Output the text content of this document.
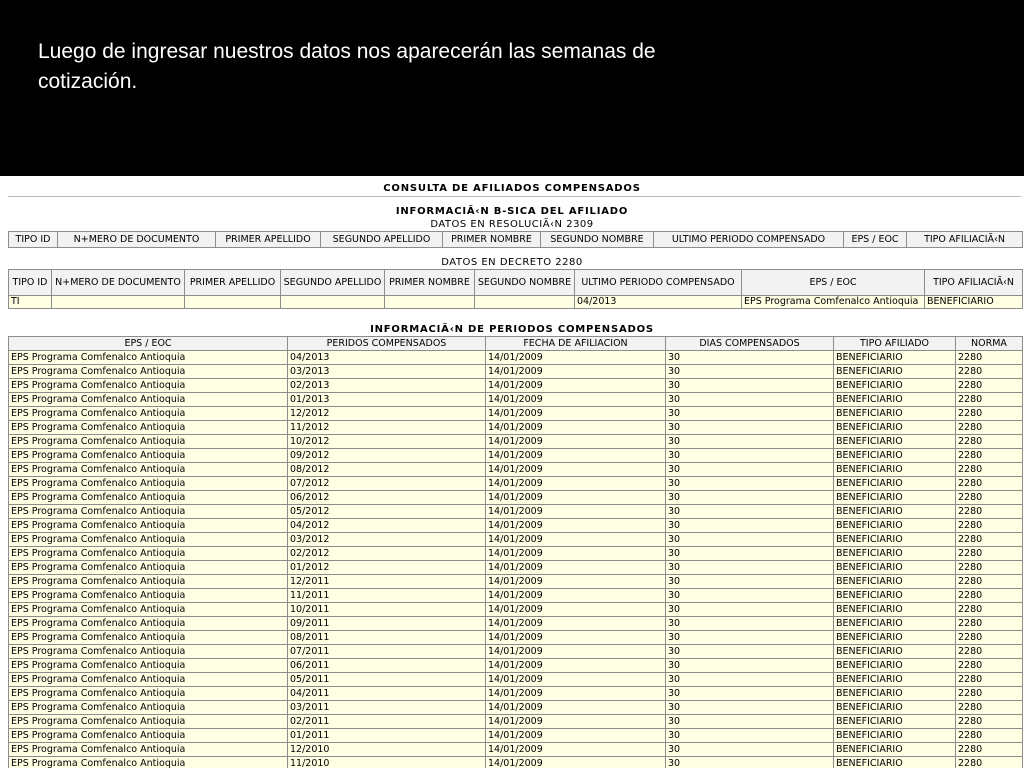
Luego de ingresar nuestros datos nos aparecerán las semanas de cotización.

CONSULTA DE AFILIADOS COMPENSADOS
INFORMACIÃ‹N B-SICA DEL AFILIADO
DATOS EN RESOLUCIÃ‹N 2309
TIPO ID	N+MERO DE DOCUMENTO	PRIMER APELLIDO	SEGUNDO APELLIDO	PRIMER NOMBRE	SEGUNDO NOMBRE	ULTIMO PERIODO COMPENSADO	EPS / EOC	TIPO AFILIACIÃ‹N
DATOS EN DECRETO 2280
TIPO ID	N+MERO DE DOCUMENTO	PRIMER APELLIDO	SEGUNDO APELLIDO	PRIMER NOMBRE	SEGUNDO NOMBRE	ULTIMO PERIODO COMPENSADO	EPS / EOC	TIPO AFILIACIÃ‹N
TI						04/2013	EPS Programa Comfenalco Antioquia	BENEFICIARIO
INFORMACIÃ‹N DE PERIODOS COMPENSADOS
EPS / EOC	PERIDOS COMPENSADOS	FECHA DE AFILIACION	DIAS COMPENSADOS	TIPO AFILIADO	NORMA
EPS Programa Comfenalco Antioquia	04/2013	14/01/2009	30	BENEFICIARIO	2280
EPS Programa Comfenalco Antioquia	03/2013	14/01/2009	30	BENEFICIARIO	2280
EPS Programa Comfenalco Antioquia	02/2013	14/01/2009	30	BENEFICIARIO	2280
EPS Programa Comfenalco Antioquia	01/2013	14/01/2009	30	BENEFICIARIO	2280
EPS Programa Comfenalco Antioquia	12/2012	14/01/2009	30	BENEFICIARIO	2280
EPS Programa Comfenalco Antioquia	11/2012	14/01/2009	30	BENEFICIARIO	2280
EPS Programa Comfenalco Antioquia	10/2012	14/01/2009	30	BENEFICIARIO	2280
EPS Programa Comfenalco Antioquia	09/2012	14/01/2009	30	BENEFICIARIO	2280
EPS Programa Comfenalco Antioquia	08/2012	14/01/2009	30	BENEFICIARIO	2280
EPS Programa Comfenalco Antioquia	07/2012	14/01/2009	30	BENEFICIARIO	2280
EPS Programa Comfenalco Antioquia	06/2012	14/01/2009	30	BENEFICIARIO	2280
EPS Programa Comfenalco Antioquia	05/2012	14/01/2009	30	BENEFICIARIO	2280
EPS Programa Comfenalco Antioquia	04/2012	14/01/2009	30	BENEFICIARIO	2280
EPS Programa Comfenalco Antioquia	03/2012	14/01/2009	30	BENEFICIARIO	2280
EPS Programa Comfenalco Antioquia	02/2012	14/01/2009	30	BENEFICIARIO	2280
EPS Programa Comfenalco Antioquia	01/2012	14/01/2009	30	BENEFICIARIO	2280
EPS Programa Comfenalco Antioquia	12/2011	14/01/2009	30	BENEFICIARIO	2280
EPS Programa Comfenalco Antioquia	11/2011	14/01/2009	30	BENEFICIARIO	2280
EPS Programa Comfenalco Antioquia	10/2011	14/01/2009	30	BENEFICIARIO	2280
EPS Programa Comfenalco Antioquia	09/2011	14/01/2009	30	BENEFICIARIO	2280
EPS Programa Comfenalco Antioquia	08/2011	14/01/2009	30	BENEFICIARIO	2280
EPS Programa Comfenalco Antioquia	07/2011	14/01/2009	30	BENEFICIARIO	2280
EPS Programa Comfenalco Antioquia	06/2011	14/01/2009	30	BENEFICIARIO	2280
EPS Programa Comfenalco Antioquia	05/2011	14/01/2009	30	BENEFICIARIO	2280
EPS Programa Comfenalco Antioquia	04/2011	14/01/2009	30	BENEFICIARIO	2280
EPS Programa Comfenalco Antioquia	03/2011	14/01/2009	30	BENEFICIARIO	2280
EPS Programa Comfenalco Antioquia	02/2011	14/01/2009	30	BENEFICIARIO	2280
EPS Programa Comfenalco Antioquia	01/2011	14/01/2009	30	BENEFICIARIO	2280
EPS Programa Comfenalco Antioquia	12/2010	14/01/2009	30	BENEFICIARIO	2280
EPS Programa Comfenalco Antioquia	11/2010	14/01/2009	30	BENEFICIARIO	2280
